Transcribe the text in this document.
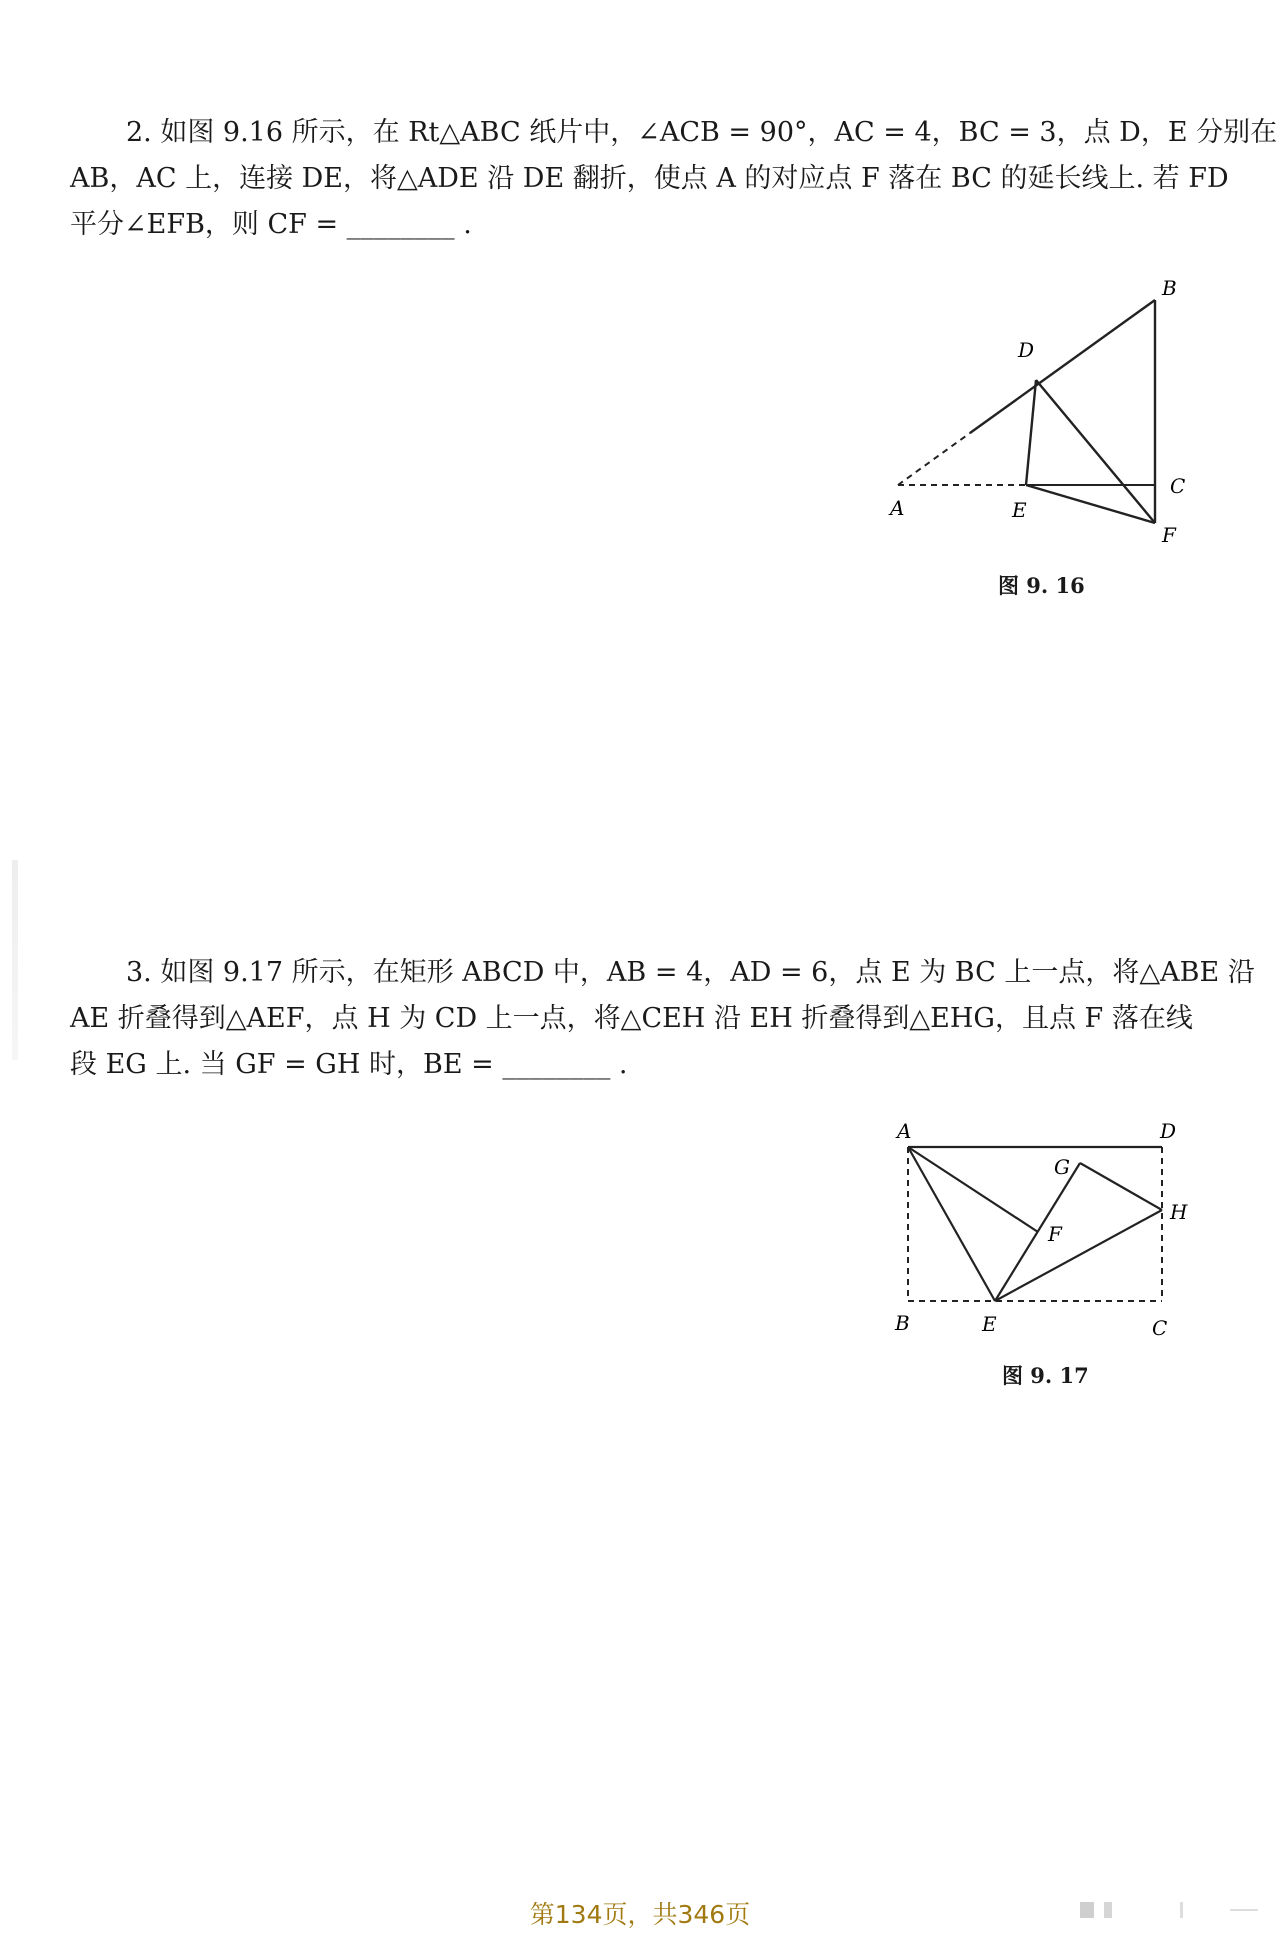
2. 如图 9.16 所示，在 Rt△ABC 纸片中，∠ACB = 90°，AC = 4，BC = 3，点 D，E 分别在
AB，AC 上，连接 DE，将△ADE 沿 DE 翻折，使点 A 的对应点 F 落在 BC 的延长线上. 若 FD
平分∠EFB，则 CF = ________ .
B
D
C
A	E
F
图 9. 16
3. 如图 9.17 所示，在矩形 ABCD 中，AB = 4，AD = 6，点 E 为 BC 上一点，将△ABE 沿
AE 折叠得到△AEF，点 H 为 CD 上一点，将△CEH 沿 EH 折叠得到△EHG，且点 F 落在线
段 EG 上. 当 GF = GH 时，BE = ________ .
A	D
G
H
F
B	E	C
图 9. 17
第134页，共346页
